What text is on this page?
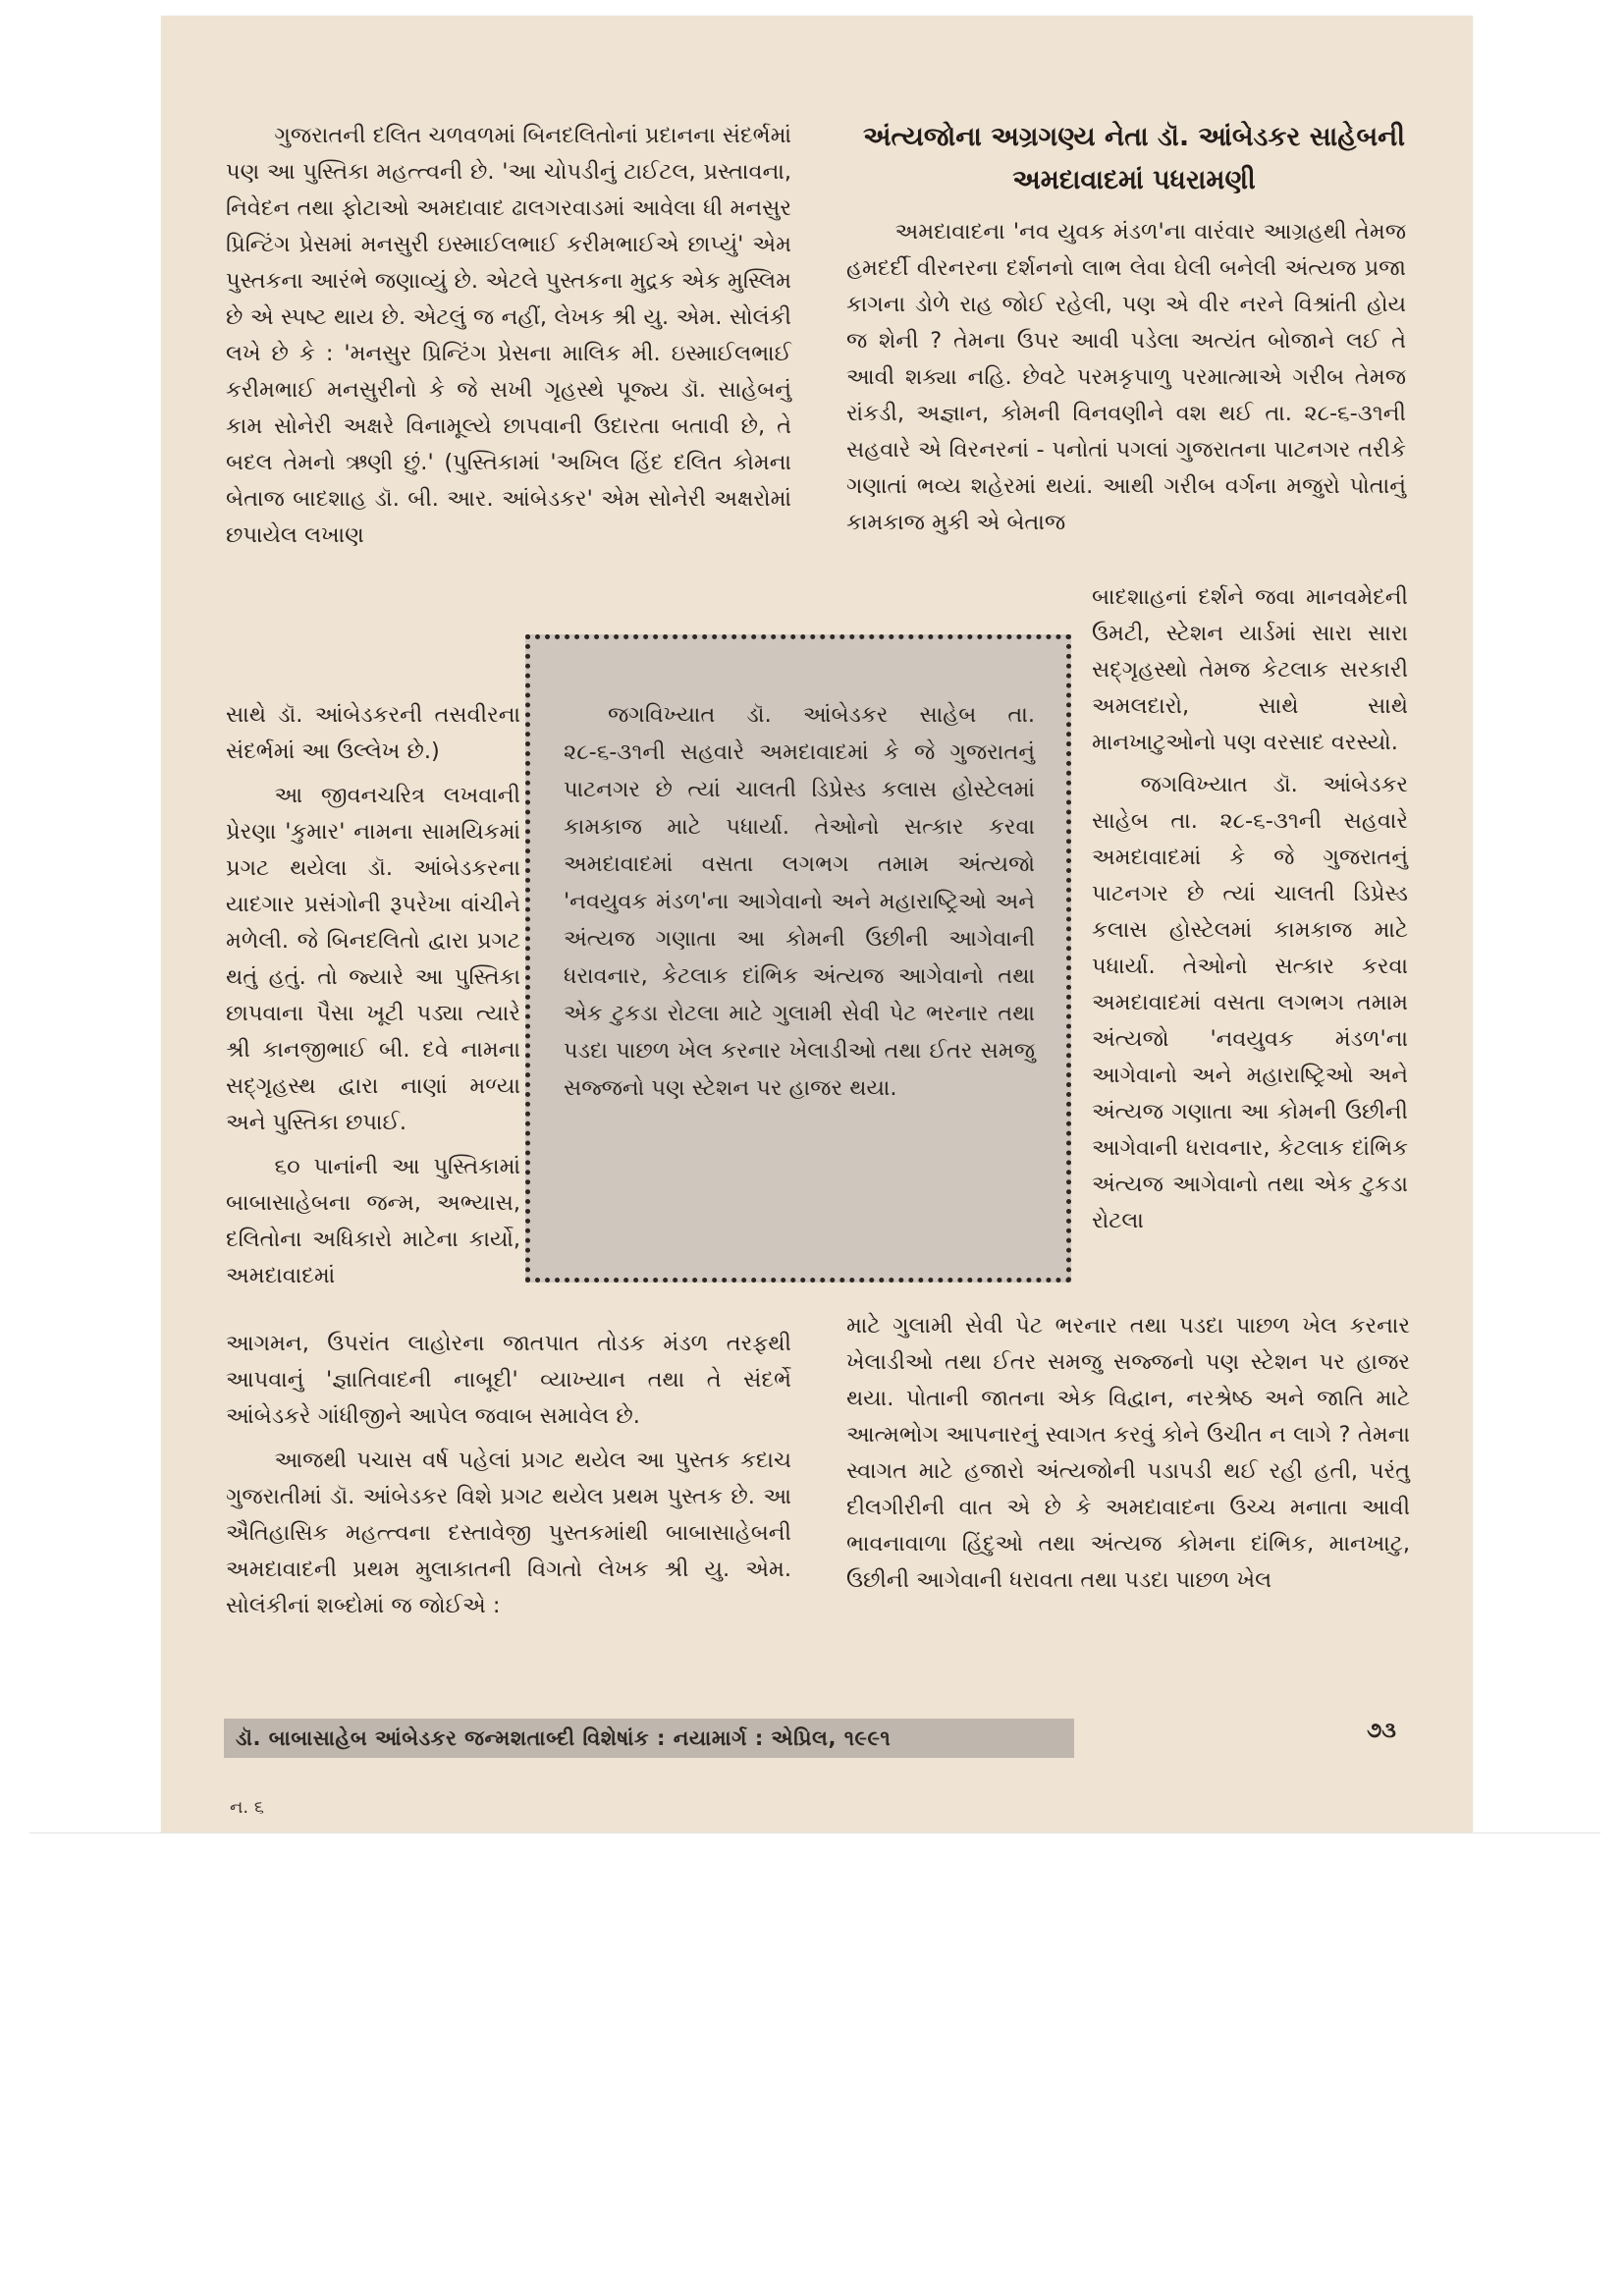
ગુજરાતની દલિત ચળવળમાં બિનદલિતોનાં પ્રદાનના સંદર્ભમાં પણ આ પુસ્તિકા મહત્ત્વની છે. 'આ ચોપડીનું ટાઈટલ, પ્રસ્તાવના, નિવેદન તથા ફોટાઓ અમદાવાદ ઢાલગરવાડમાં આવેલા ધી મનસુર પ્રિન્ટિંગ પ્રેસમાં મનસુરી ઇસ્માઈલભાઈ કરીમભાઈએ છાપ્યું' એમ પુસ્તકના આરંભે જણાવ્યું છે. એટલે પુસ્તકના મુદ્રક એક મુસ્લિમ છે એ સ્પષ્ટ થાય છે. એટલું જ નહીં, લેખક શ્રી યુ. એમ. સોલંકી લખે છે કે : 'મનસુર પ્રિન્ટિંગ પ્રેસના માલિક મી. ઇસ્માઈલભાઈ કરીમભાઈ મનસુરીનો કે જે સખી ગૃહસ્થે પૂજ્ય ડૉ. સાહેબનું કામ સોનેરી અક્ષરે વિનામૂલ્યે છાપવાની ઉદારતા બતાવી છે, તે બદલ તેમનો ઋણી છું.' (પુસ્તિકામાં 'અખિલ હિંદ દલિત કોમના બેતાજ બાદશાહ ડૉ. બી. આર. આંબેડકર' એમ સોનેરી અક્ષરોમાં છપાયેલ લખાણ

સાથે ડૉ. આંબેડકરની તસવીરના સંદર્ભમાં આ ઉલ્લેખ છે.)

આ જીવનચરિત્ર લખવાની પ્રેરણા 'કુમાર' નામના સામયિકમાં પ્રગટ થયેલા ડૉ. આંબેડકરના યાદગાર પ્રસંગોની રૂપરેખા વાંચીને મળેલી. જે બિનદલિતો દ્વારા પ્રગટ થતું હતું. તો જ્યારે આ પુસ્તિકા છાપવાના પૈસા ખૂટી પડ્યા ત્યારે શ્રી કાનજીભાઈ બી. દવે નામના સદ્ગૃહસ્થ દ્વારા નાણાં મળ્યા અને પુસ્તિકા છપાઈ.

૬૦ પાનાંની આ પુસ્તિકામાં બાબાસાહેબના જન્મ, અભ્યાસ, દલિતોના અધિકારો માટેના કાર્યો, અમદાવાદમાં

આગમન, ઉપરાંત લાહોરના જાતપાત તોડક મંડળ તરફથી આપવાનું 'જ્ઞાતિવાદની નાબૂદી' વ્યાખ્યાન તથા તે સંદર્ભે આંબેડકરે ગાંધીજીને આપેલ જવાબ સમાવેલ છે.

આજથી પચાસ વર્ષ પહેલાં પ્રગટ થયેલ આ પુસ્તક કદાચ ગુજરાતીમાં ડૉ. આંબેડકર વિશે પ્રગટ થયેલ પ્રથમ પુસ્તક છે. આ ઐતિહાસિક મહત્ત્વના દસ્તાવેજી પુસ્તકમાંથી બાબાસાહેબની અમદાવાદની પ્રથમ મુલાકાતની વિગતો લેખક શ્રી યુ. એમ. સોલંકીનાં શબ્દોમાં જ જોઈએ :

અંત્યજોના અગ્રગણ્ય નેતા ડૉ. આંબેડકર સાહેબની અમદાવાદમાં પધરામણી

અમદાવાદના 'નવ યુવક મંડળ'ના વારંવાર આગ્રહથી તેમજ હમદર્દી વીરનરના દર્શનનો લાભ લેવા ઘેલી બનેલી અંત્યજ પ્રજા કાગના ડોળે રાહ જોઈ રહેલી, પણ એ વીર નરને વિશ્રાંતી હોય જ શેની ? તેમના ઉપર આવી પડેલા અત્યંત બોજાને લઈ તે આવી શક્યા નહિ. છેવટે પરમકૃપાળુ પરમાત્માએ ગરીબ તેમજ રાંકડી, અજ્ઞાન, કોમની વિનવણીને વશ થઈ તા. ૨૮-૬-૩૧ની સહવારે એ વિરનરનાં - પનોતાં પગલાં ગુજરાતના પાટનગર તરીકે ગણાતાં ભવ્ય શહેરમાં થયાં. આથી ગરીબ વર્ગના મજુરો પોતાનું કામકાજ મુકી એ બેતાજ

બાદશાહનાં દર્શને જવા માનવમેદની ઉમટી, સ્ટેશન યાર્ડમાં સારા સારા સદ્ગૃહસ્થો તેમજ કેટલાક સરકારી અમલદારો, સાથે સાથે માનખાટુઓનો પણ વરસાદ વરસ્યો.

જગવિખ્યાત ડૉ. આંબેડકર સાહેબ તા. ૨૮-૬-૩૧ની સહવારે અમદાવાદમાં કે જે ગુજરાતનું પાટનગર છે ત્યાં ચાલતી ડિપ્રેસ્ડ કલાસ હોસ્ટેલમાં કામકાજ માટે પધાર્યા. તેઓનો સત્કાર કરવા અમદાવાદમાં વસતા લગભગ તમામ અંત્યજો 'નવયુવક મંડળ'ના આગેવાનો અને મહારાષ્ટ્રિઓ અને અંત્યજ ગણાતા આ કોમની ઉછીની આગેવાની ધરાવનાર, કેટલાક દાંભિક અંત્યજ આગેવાનો તથા એક ટુકડા રોટલા

માટે ગુલામી સેવી પેટ ભરનાર તથા પડદા પાછળ ખેલ કરનાર ખેલાડીઓ તથા ઈતર સમજુ સજ્જનો પણ સ્ટેશન પર હાજર થયા. પોતાની જાતના એક વિદ્વાન, નરશ્રેષ્ઠ અને જાતિ માટે આત્મભોગ આપનારનું સ્વાગત કરવું કોને ઉચીત ન લાગે ? તેમના સ્વાગત માટે હજારો અંત્યજોની પડાપડી થઈ રહી હતી, પરંતુ દીલગીરીની વાત એ છે કે અમદાવાદના ઉચ્ચ મનાતા આવી ભાવનાવાળા હિંદુઓ તથા અંત્યજ કોમના દાંભિક, માનખાટુ, ઉછીની આગેવાની ધરાવતા તથા પડદા પાછળ ખેલ

જગવિખ્યાત ડૉ. આંબેડકર સાહેબ તા. ૨૮-૬-૩૧ની સહવારે અમદાવાદમાં કે જે ગુજરાતનું પાટનગર છે ત્યાં ચાલતી ડિપ્રેસ્ડ કલાસ હોસ્ટેલમાં કામકાજ માટે પધાર્યા. તેઓનો સત્કાર કરવા અમદાવાદમાં વસતા લગભગ તમામ અંત્યજો 'નવયુવક મંડળ'ના આગેવાનો અને મહારાષ્ટ્રિઓ અને અંત્યજ ગણાતા આ કોમની ઉછીની આગેવાની ધરાવનાર, કેટલાક દાંભિક અંત્યજ આગેવાનો તથા એક ટુકડા રોટલા માટે ગુલામી સેવી પેટ ભરનાર તથા પડદા પાછળ ખેલ કરનાર ખેલાડીઓ તથા ઈતર સમજુ સજ્જનો પણ સ્ટેશન પર હાજર થયા.

ડૉ. બાબાસાહેબ આંબેડકર જન્મશતાબ્દી વિશેષાંક : નયામાર્ગ : એપ્રિલ, ૧૯૯૧	૭૩
ન. ૬
